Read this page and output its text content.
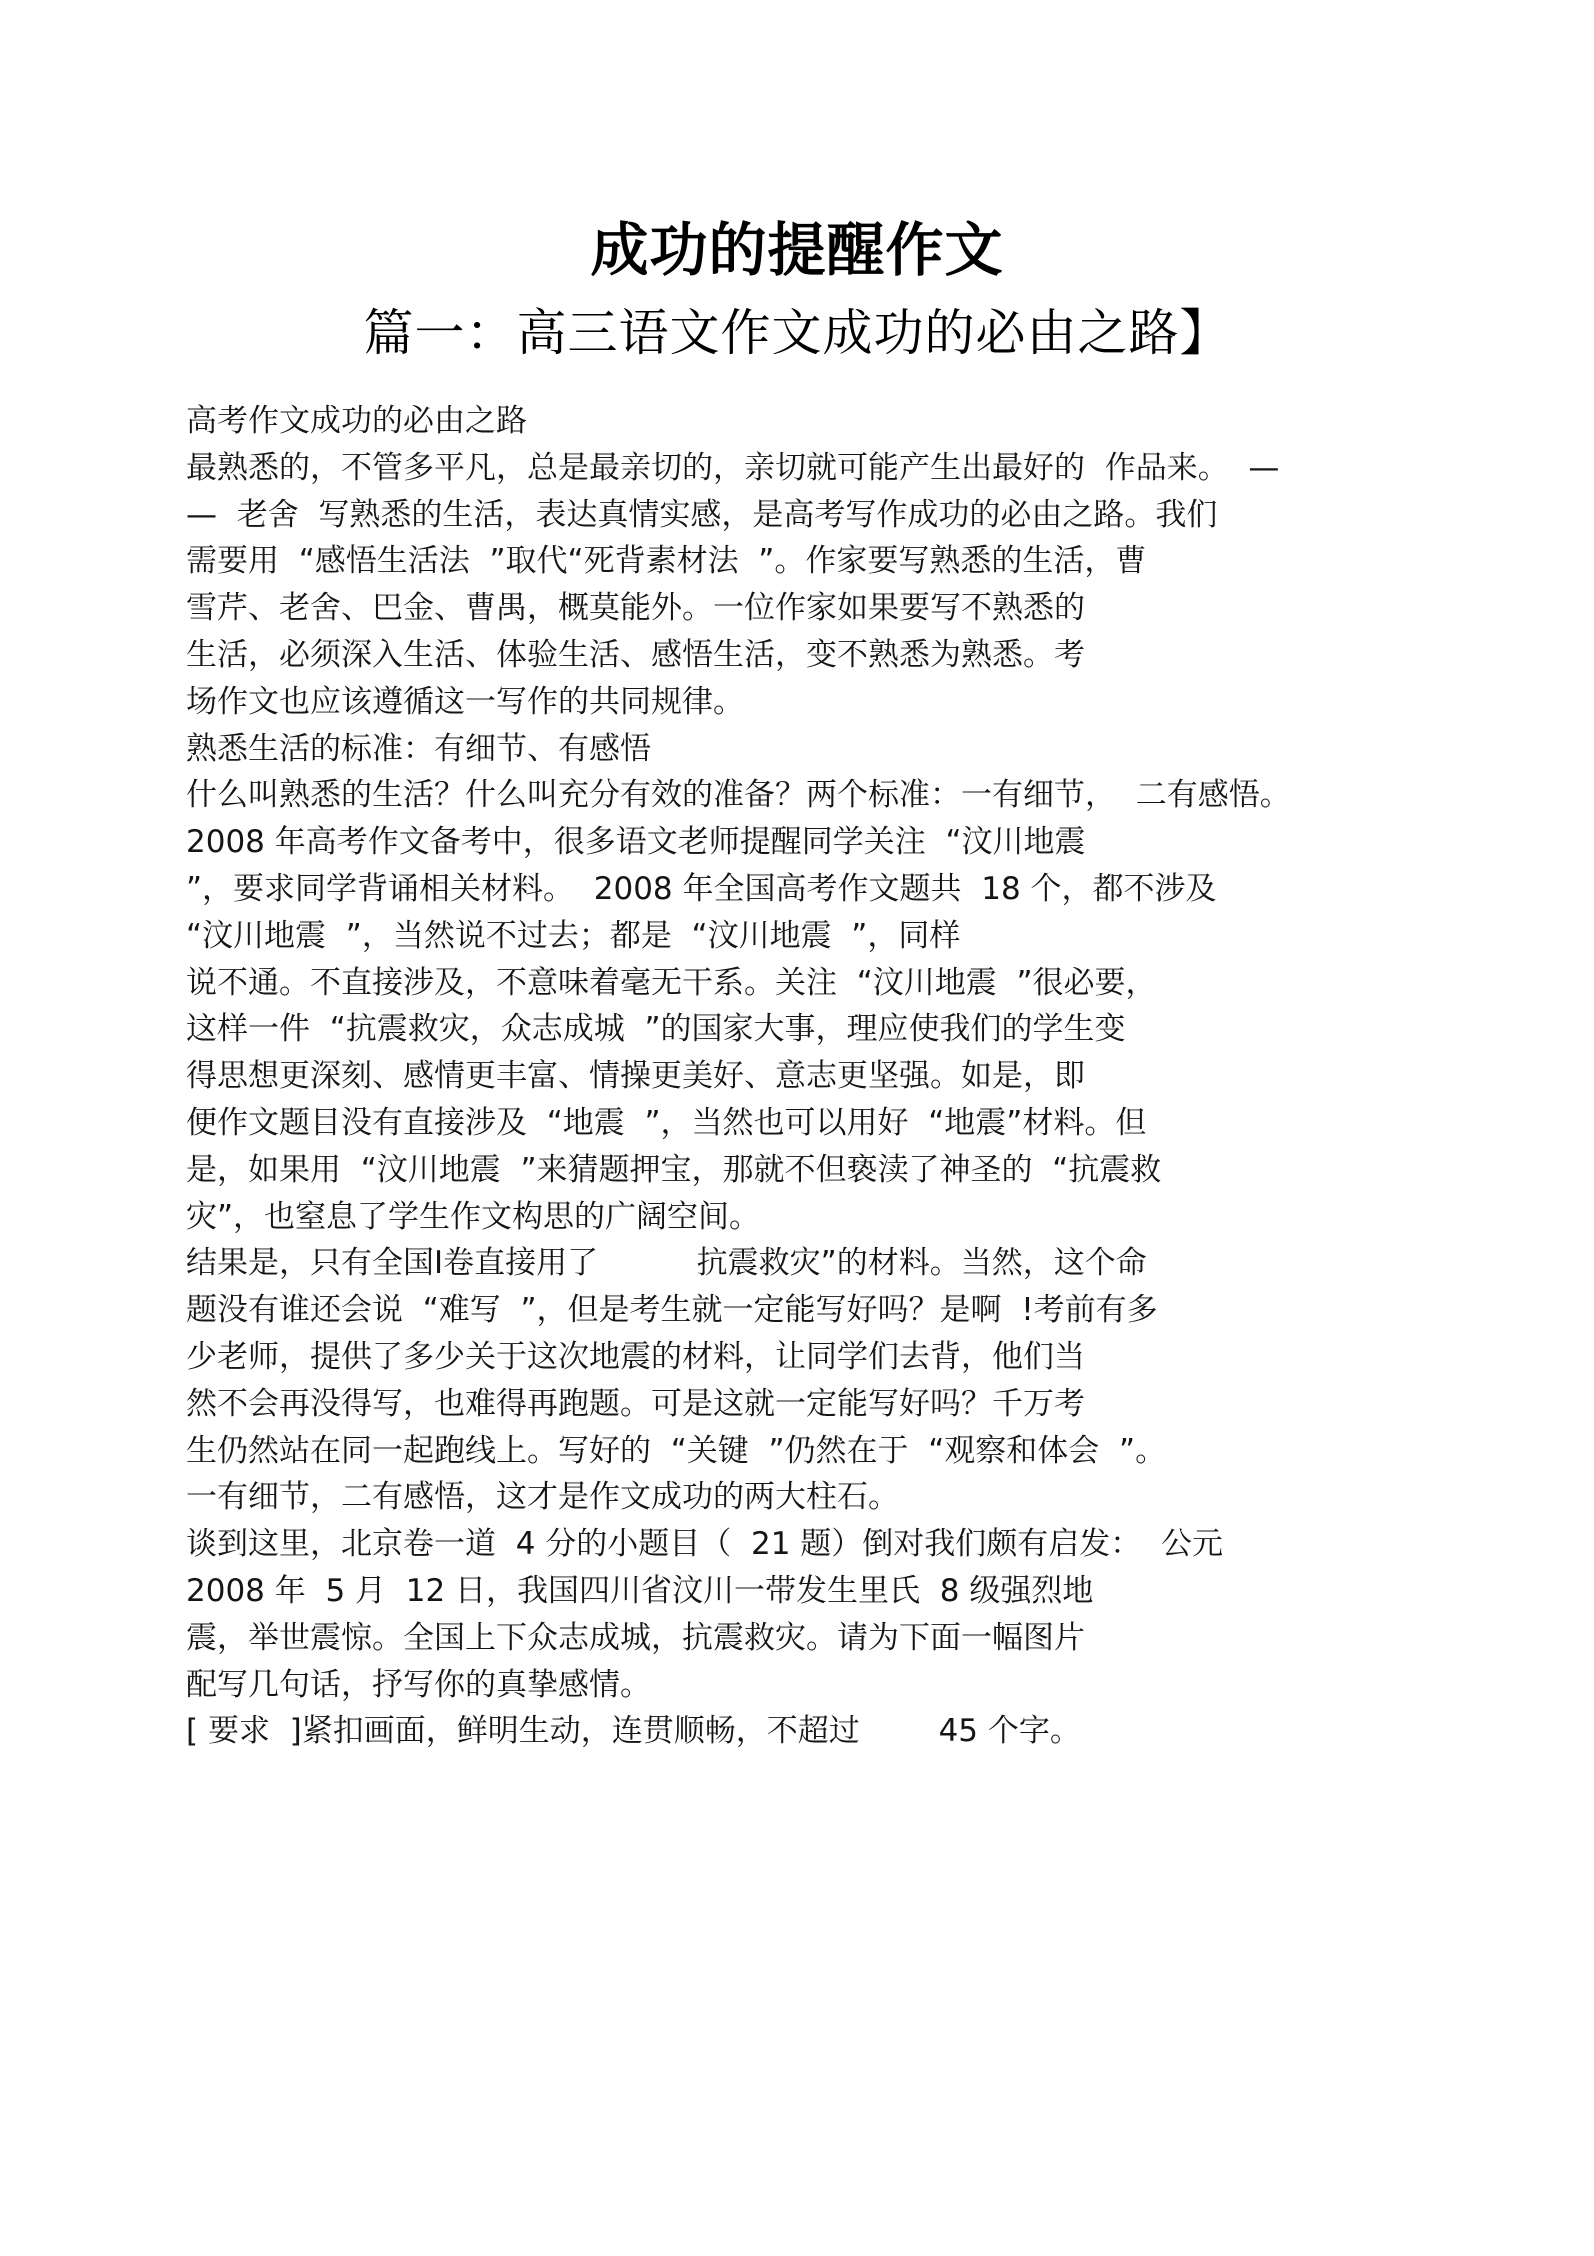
成功的提醒作文
篇一：高三语文作文成功的必由之路】
高考作文成功的必由之路
最熟悉的，不管多平凡，总是最亲切的，亲切就可能产生出最好的  作品来。  —
—  老舍  写熟悉的生活，表达真情实感，是高考写作成功的必由之路。我们
需要用  “感悟生活法  ”取代“死背素材法  ”。作家要写熟悉的生活，曹
雪芹、老舍、巴金、曹禺，概莫能外。一位作家如果要写不熟悉的
生活，必须深入生活、体验生活、感悟生活，变不熟悉为熟悉。考
场作文也应该遵循这一写作的共同规律。
熟悉生活的标准：有细节、有感悟
什么叫熟悉的生活？什么叫充分有效的准备？两个标准：一有细节，  二有感悟。
2008 年高考作文备考中，很多语文老师提醒同学关注  “汶川地震
”，要求同学背诵相关材料。  2008 年全国高考作文题共  18 个，都不涉及
“汶川地震  ”，当然说不过去；都是  “汶川地震  ”，同样
说不通。不直接涉及，不意味着毫无干系。关注  “汶川地震  ”很必要，
这样一件  “抗震救灾，众志成城  ”的国家大事，理应使我们的学生变
得思想更深刻、感情更丰富、情操更美好、意志更坚强。如是，即
便作文题目没有直接涉及  “地震  ”，当然也可以用好  “地震”材料。但
是，如果用  “汶川地震  ”来猜题押宝，那就不但亵渎了神圣的  “抗震救
灾”，也窒息了学生作文构思的广阔空间。
结果是，只有全国Ⅰ卷直接用了          抗震救灾”的材料。当然，这个命
题没有谁还会说  “难写  ”，但是考生就一定能写好吗？是啊  !考前有多
少老师，提供了多少关于这次地震的材料，让同学们去背，他们当
然不会再没得写，也难得再跑题。可是这就一定能写好吗？千万考
生仍然站在同一起跑线上。写好的  “关键  ”仍然在于  “观察和体会  ”。
一有细节，二有感悟，这才是作文成功的两大柱石。
谈到这里，北京卷一道  4 分的小题目（  21 题）倒对我们颇有启发：  公元
2008 年  5 月  12 日，我国四川省汶川一带发生里氏  8 级强烈地
震，举世震惊。全国上下众志成城，抗震救灾。请为下面一幅图片
配写几句话，抒写你的真挚感情。
[ 要求  ]紧扣画面，鲜明生动，连贯顺畅，不超过        45 个字。
